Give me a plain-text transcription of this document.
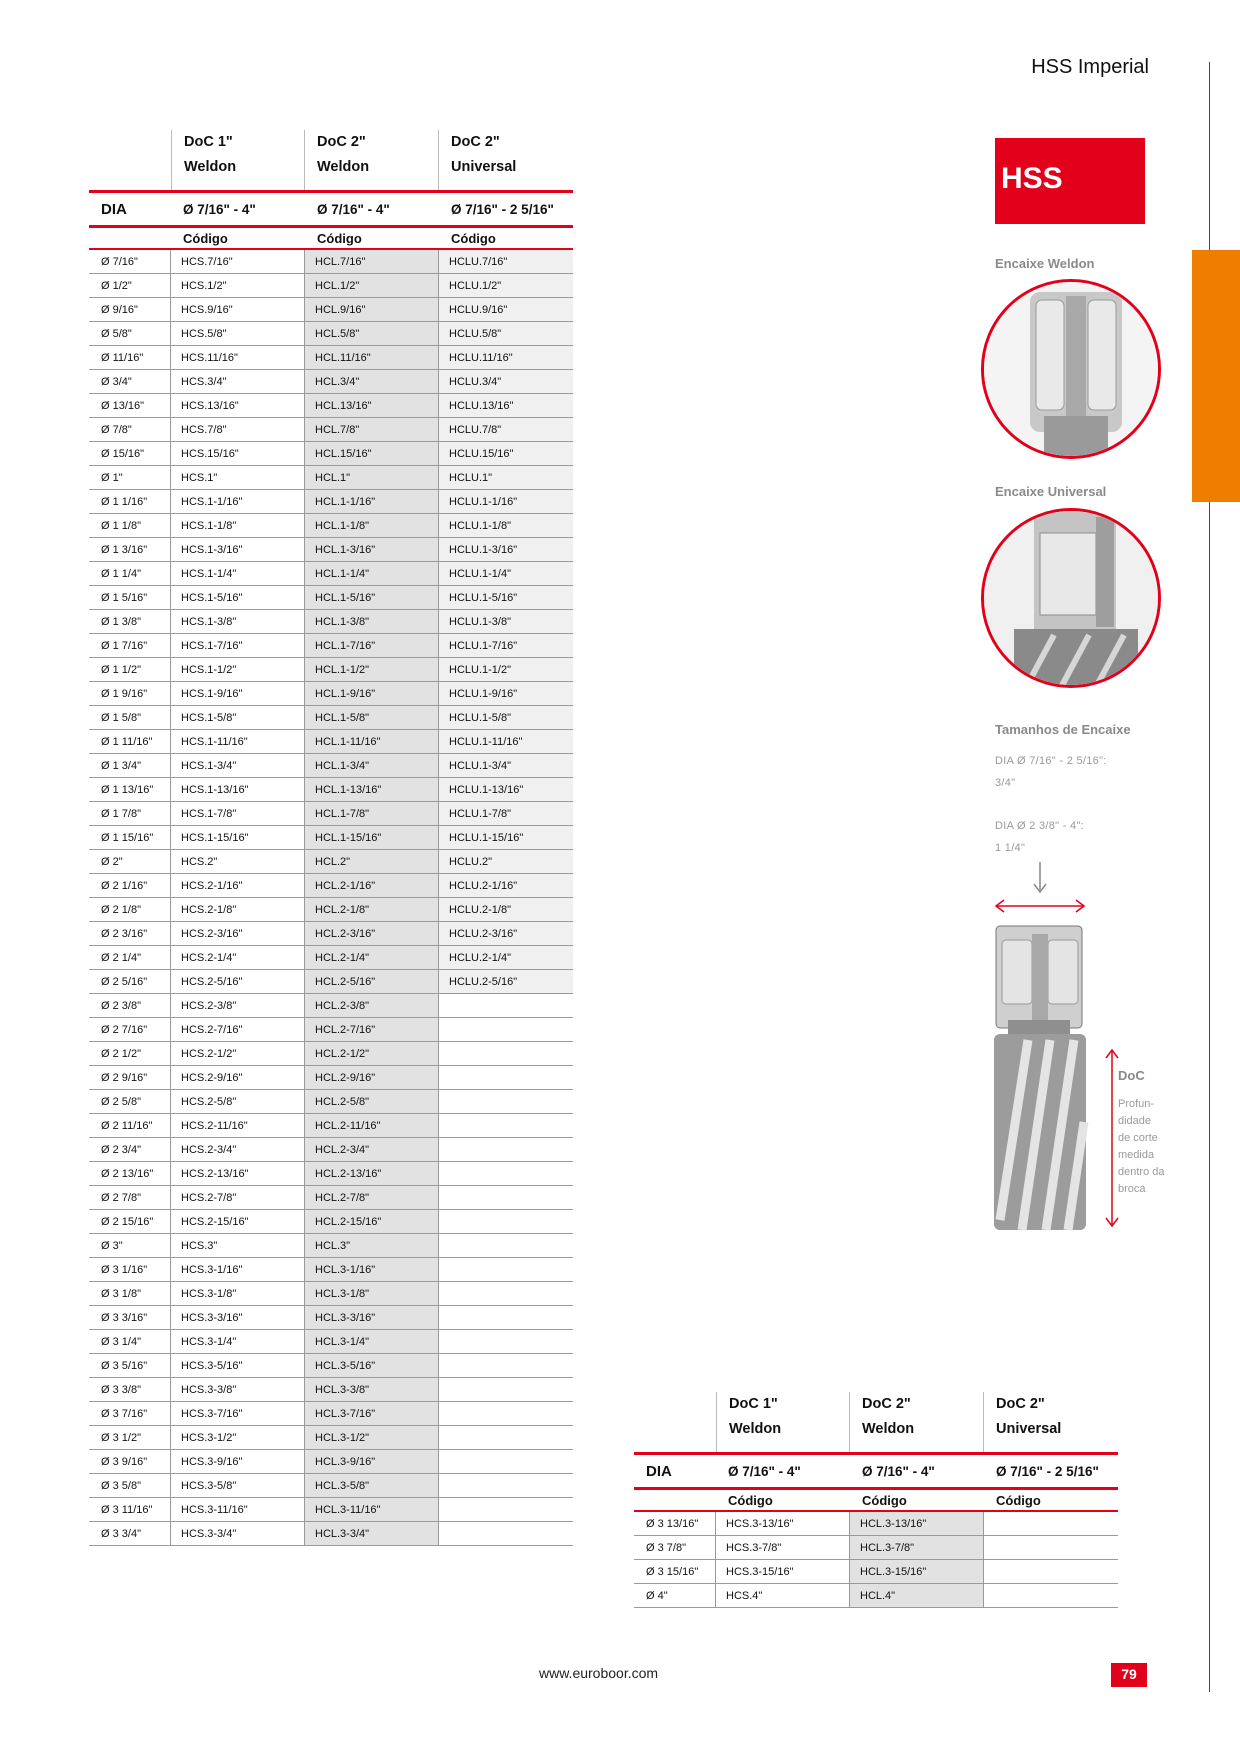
HSS Imperial
DoC 1"
Weldon
DoC 2"
Weldon
DoC 2"
Universal
DIA	Ø 7/16" - 4"	Ø 7/16" - 4"	Ø 7/16" - 2 5/16"
Código	Código	Código
Ø 7/16"	HCS.7/16"	HCL.7/16"	HCLU.7/16"
Ø 1/2"	HCS.1/2"	HCL.1/2"	HCLU.1/2"
Ø 9/16"	HCS.9/16"	HCL.9/16"	HCLU.9/16"
Ø 5/8"	HCS.5/8"	HCL.5/8"	HCLU.5/8"
Ø 11/16"	HCS.11/16"	HCL.11/16"	HCLU.11/16"
Ø 3/4"	HCS.3/4"	HCL.3/4"	HCLU.3/4"
Ø 13/16"	HCS.13/16"	HCL.13/16"	HCLU.13/16"
Ø 7/8"	HCS.7/8"	HCL.7/8"	HCLU.7/8"
Ø 15/16"	HCS.15/16"	HCL.15/16"	HCLU.15/16"
Ø 1"	HCS.1"	HCL.1"	HCLU.1"
Ø 1 1/16"	HCS.1-1/16"	HCL.1-1/16"	HCLU.1-1/16"
Ø 1 1/8"	HCS.1-1/8"	HCL.1-1/8"	HCLU.1-1/8"
Ø 1 3/16"	HCS.1-3/16"	HCL.1-3/16"	HCLU.1-3/16"
Ø 1 1/4"	HCS.1-1/4"	HCL.1-1/4"	HCLU.1-1/4"
Ø 1 5/16"	HCS.1-5/16"	HCL.1-5/16"	HCLU.1-5/16"
Ø 1 3/8"	HCS.1-3/8"	HCL.1-3/8"	HCLU.1-3/8"
Ø 1 7/16"	HCS.1-7/16"	HCL.1-7/16"	HCLU.1-7/16"
Ø 1 1/2"	HCS.1-1/2"	HCL.1-1/2"	HCLU.1-1/2"
Ø 1 9/16"	HCS.1-9/16"	HCL.1-9/16"	HCLU.1-9/16"
Ø 1 5/8"	HCS.1-5/8"	HCL.1-5/8"	HCLU.1-5/8"
Ø 1 11/16"	HCS.1-11/16"	HCL.1-11/16"	HCLU.1-11/16"
Ø 1 3/4"	HCS.1-3/4"	HCL.1-3/4"	HCLU.1-3/4"
Ø 1 13/16"	HCS.1-13/16"	HCL.1-13/16"	HCLU.1-13/16"
Ø 1 7/8"	HCS.1-7/8"	HCL.1-7/8"	HCLU.1-7/8"
Ø 1 15/16"	HCS.1-15/16"	HCL.1-15/16"	HCLU.1-15/16"
Ø 2"	HCS.2"	HCL.2"	HCLU.2"
Ø 2 1/16"	HCS.2-1/16"	HCL.2-1/16"	HCLU.2-1/16"
Ø 2 1/8"	HCS.2-1/8"	HCL.2-1/8"	HCLU.2-1/8"
Ø 2 3/16"	HCS.2-3/16"	HCL.2-3/16"	HCLU.2-3/16"
Ø 2 1/4"	HCS.2-1/4"	HCL.2-1/4"	HCLU.2-1/4"
Ø 2 5/16"	HCS.2-5/16"	HCL.2-5/16"	HCLU.2-5/16"
Ø 2 3/8"	HCS.2-3/8"	HCL.2-3/8"
Ø 2 7/16"	HCS.2-7/16"	HCL.2-7/16"
Ø 2 1/2"	HCS.2-1/2"	HCL.2-1/2"
Ø 2 9/16"	HCS.2-9/16"	HCL.2-9/16"
Ø 2 5/8"	HCS.2-5/8"	HCL.2-5/8"
Ø 2 11/16"	HCS.2-11/16"	HCL.2-11/16"
Ø 2 3/4"	HCS.2-3/4"	HCL.2-3/4"
Ø 2 13/16"	HCS.2-13/16"	HCL.2-13/16"
Ø 2 7/8"	HCS.2-7/8"	HCL.2-7/8"
Ø 2 15/16"	HCS.2-15/16"	HCL.2-15/16"
Ø 3"	HCS.3"	HCL.3"
Ø 3 1/16"	HCS.3-1/16"	HCL.3-1/16"
Ø 3 1/8"	HCS.3-1/8"	HCL.3-1/8"
Ø 3 3/16"	HCS.3-3/16"	HCL.3-3/16"
Ø 3 1/4"	HCS.3-1/4"	HCL.3-1/4"
Ø 3 5/16"	HCS.3-5/16"	HCL.3-5/16"
Ø 3 3/8"	HCS.3-3/8"	HCL.3-3/8"
Ø 3 7/16"	HCS.3-7/16"	HCL.3-7/16"
Ø 3 1/2"	HCS.3-1/2"	HCL.3-1/2"
Ø 3 9/16"	HCS.3-9/16"	HCL.3-9/16"
Ø 3 5/8"	HCS.3-5/8"	HCL.3-5/8"
Ø 3 11/16"	HCS.3-11/16"	HCL.3-11/16"
Ø 3 3/4"	HCS.3-3/4"	HCL.3-3/4"
DoC 1"
Weldon
DoC 2"
Weldon
DoC 2"
Universal
DIA	Ø 7/16" - 4"	Ø 7/16" - 4"	Ø 7/16" - 2 5/16"
Código	Código	Código
Ø 3 13/16"	HCS.3-13/16"	HCL.3-13/16"
Ø 3 7/8"	HCS.3-7/8"	HCL.3-7/8"
Ø 3 15/16"	HCS.3-15/16"	HCL.3-15/16"
Ø 4"	HCS.4"	HCL.4"
HSS
Encaixe Weldon
Encaixe Universal
Tamanhos de Encaixe
DIA Ø 7/16" - 2 5/16":
3/4"
DIA Ø 2 3/8" - 4":
1 1/4"
DoC
Profun-
didade
de corte
medida
dentro da
broca
www.euroboor.com	79
